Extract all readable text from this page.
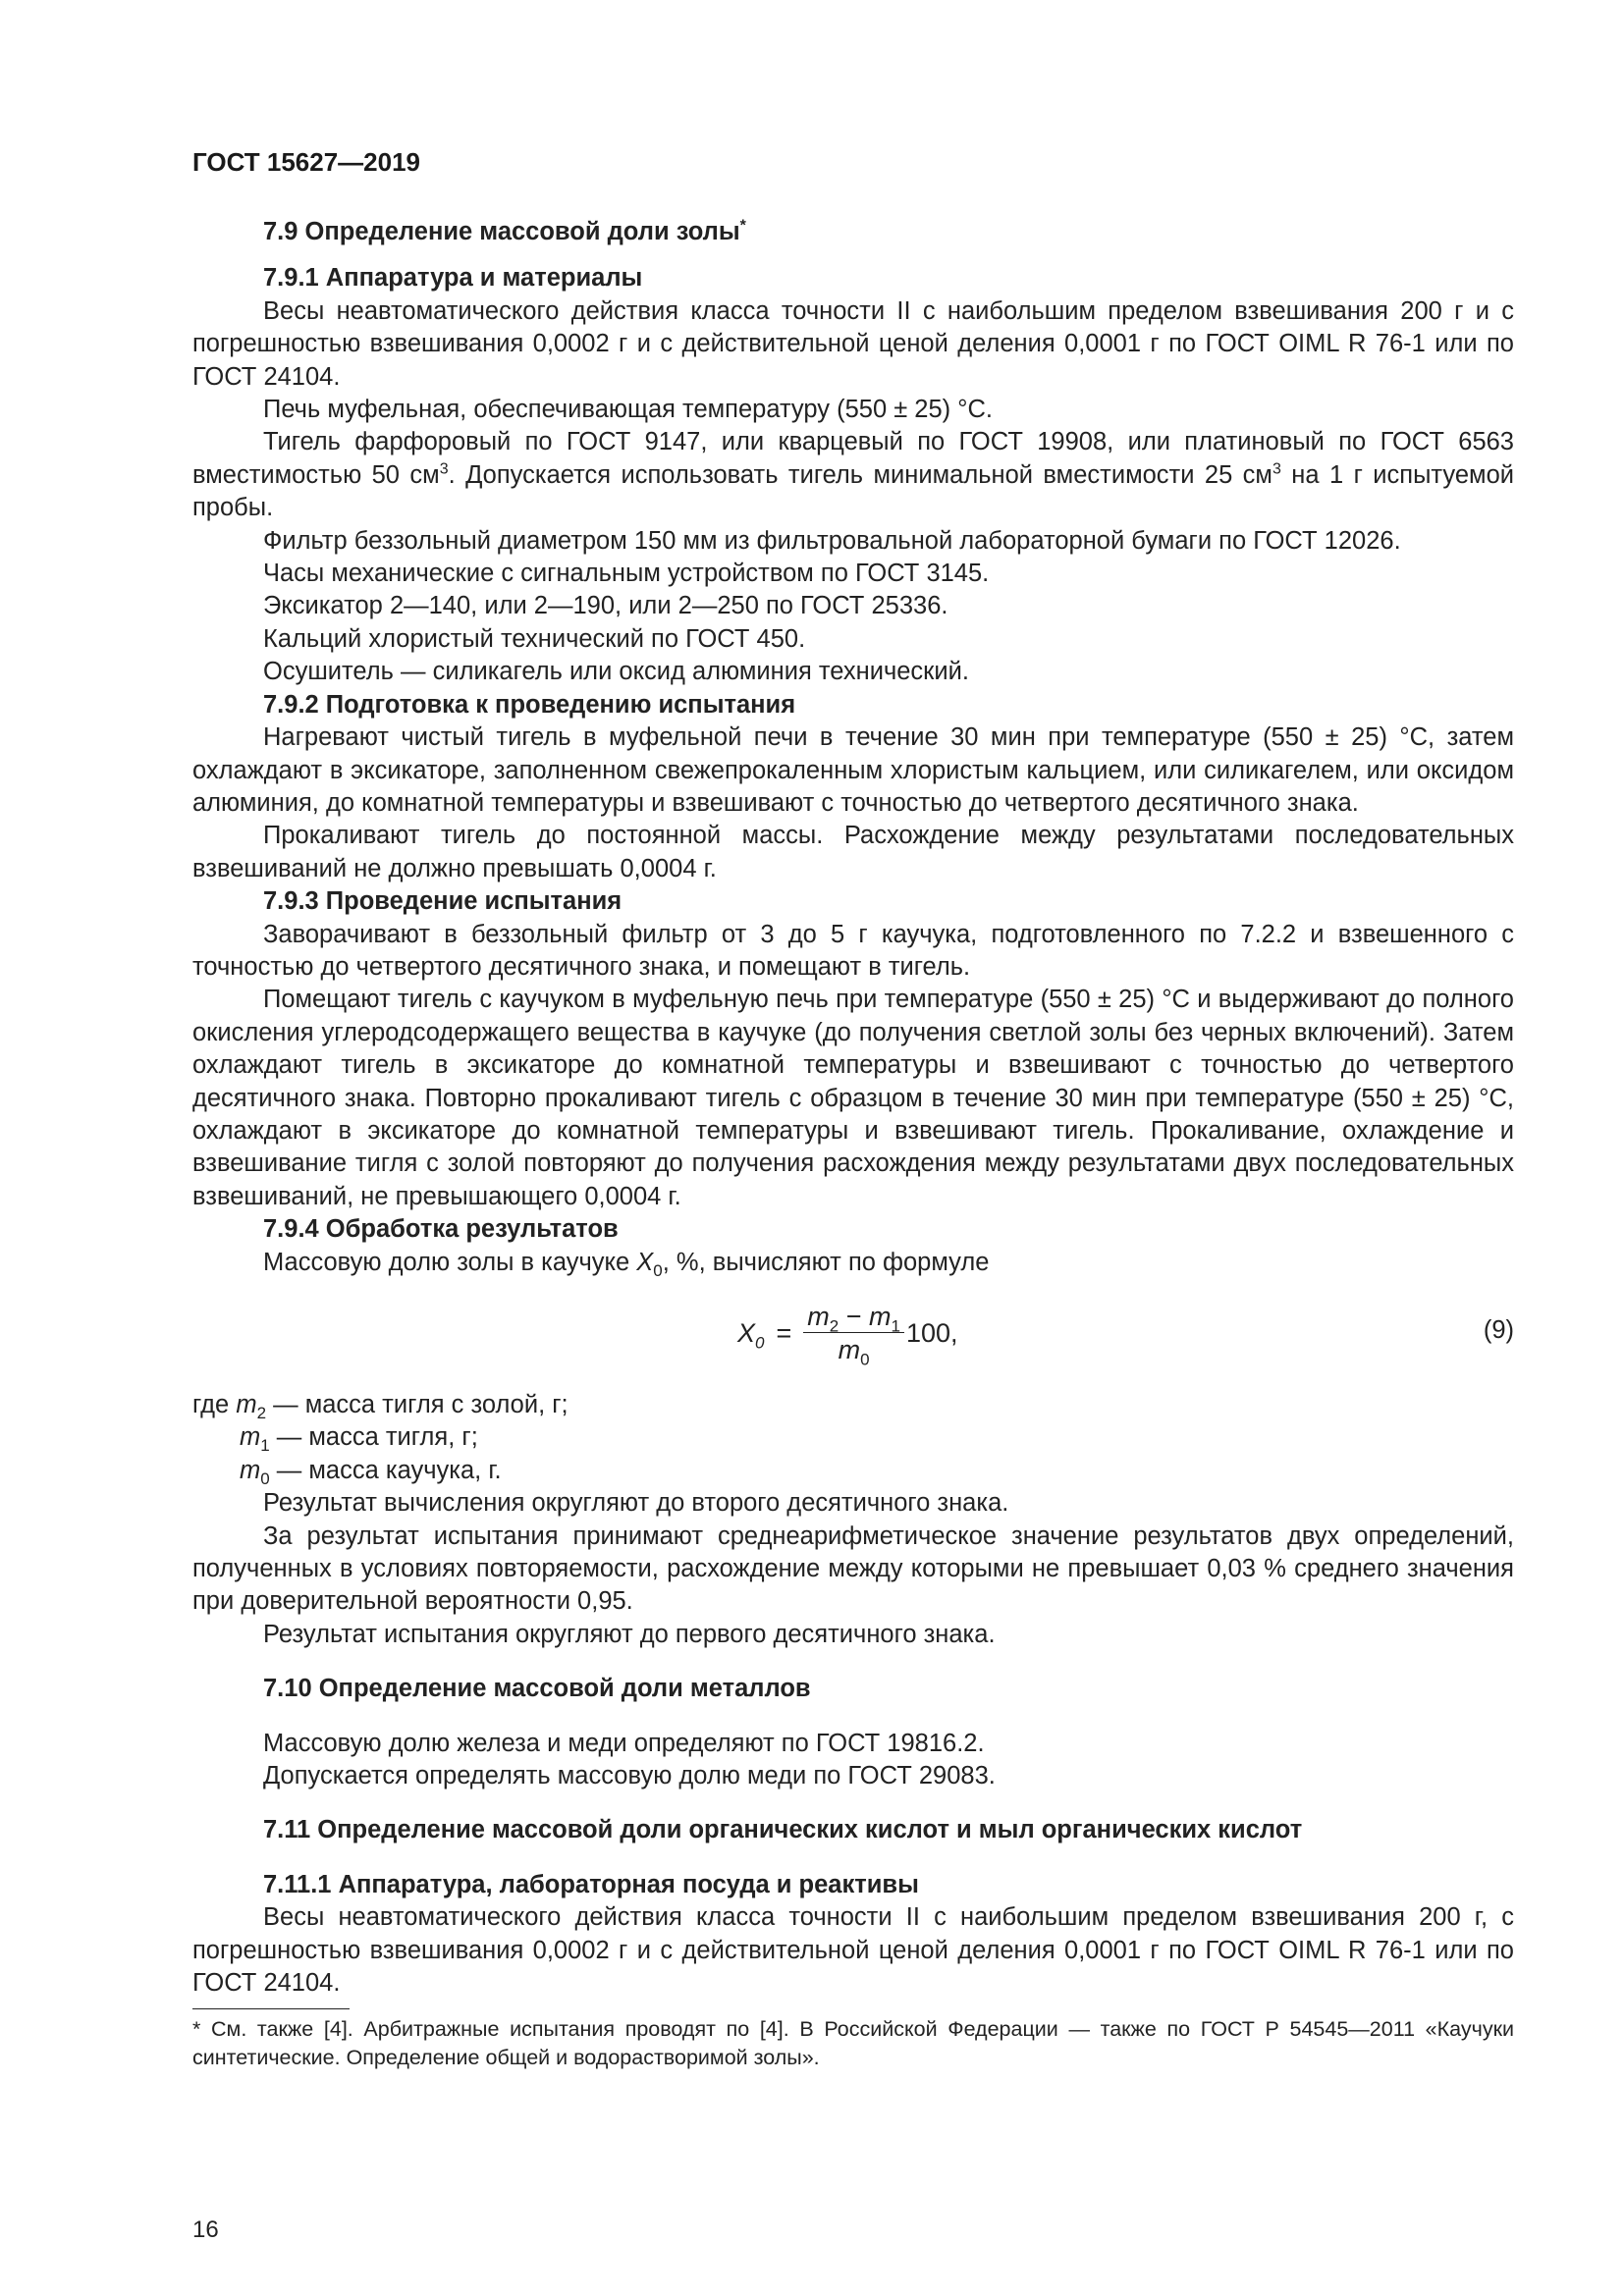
ГОСТ 15627—2019

7.9 Определение массовой доли золы*

7.9.1 Аппаратура и материалы

Весы неавтоматического действия класса точности II с наибольшим пределом взвешивания 200 г и с погрешностью взвешивания 0,0002 г и с действительной ценой деления 0,0001 г по ГОСТ OIML R 76-1 или по ГОСТ 24104.

Печь муфельная, обеспечивающая температуру (550 ± 25) °С.

Тигель фарфоровый по ГОСТ 9147, или кварцевый по ГОСТ 19908, или платиновый по ГОСТ 6563 вместимостью 50 $см^3$. Допускается использовать тигель минимальной вместимости 25 $см^3$ на 1 г испытуемой пробы.

Фильтр беззольный диаметром 150 мм из фильтровальной лабораторной бумаги по ГОСТ 12026.

Часы механические с сигнальным устройством по ГОСТ 3145.

Эксикатор 2—140, или 2—190, или 2—250 по ГОСТ 25336.

Кальций хлористый технический по ГОСТ 450.

Осушитель — силикагель или оксид алюминия технический.

7.9.2 Подготовка к проведению испытания

Нагревают чистый тигель в муфельной печи в течение 30 мин при температуре (550 ± 25) °С, затем охлаждают в эксикаторе, заполненном свежепрокаленным хлористым кальцием, или силикагелем, или оксидом алюминия, до комнатной температуры и взвешивают с точностью до четвертого десятичного знака.

Прокаливают тигель до постоянной массы. Расхождение между результатами последовательных взвешиваний не должно превышать 0,0004 г.

7.9.3 Проведение испытания

Заворачивают в беззольный фильтр от 3 до 5 г каучука, подготовленного по 7.2.2 и взвешенного с точностью до четвертого десятичного знака, и помещают в тигель.

Помещают тигель с каучуком в муфельную печь при температуре (550 ± 25) °С и выдерживают до полного окисления углеродсодержащего вещества в каучуке (до получения светлой золы без черных включений). Затем охлаждают тигель в эксикаторе до комнатной температуры и взвешивают с точностью до четвертого десятичного знака. Повторно прокаливают тигель с образцом в течение 30 мин при температуре (550 ± 25) °С, охлаждают в эксикаторе до комнатной температуры и взвешивают тигель. Прокаливание, охлаждение и взвешивание тигля с золой повторяют до получения расхождения между результатами двух последовательных взвешиваний, не превышающего 0,0004 г.

7.9.4 Обработка результатов

Массовую долю золы в каучуке $X_0$, %, вычисляют по формуле

$X_0 = \frac{m_2 - m_1}{m_0} 100$ ,	(9)

где $m_2$ — масса тигля с золой, г;

$m_1$ — масса тигля, г;

$m_0$ — масса каучука, г.

Результат вычисления округляют до второго десятичного знака.

За результат испытания принимают среднеарифметическое значение результатов двух определений, полученных в условиях повторяемости, расхождение между которыми не превышает 0,03 % среднего значения при доверительной вероятности 0,95.

Результат испытания округляют до первого десятичного знака.

7.10 Определение массовой доли металлов

Массовую долю железа и меди определяют по ГОСТ 19816.2.

Допускается определять массовую долю меди по ГОСТ 29083.

7.11 Определение массовой доли органических кислот и мыл органических кислот

7.11.1 Аппаратура, лабораторная посуда и реактивы

Весы неавтоматического действия класса точности II с наибольшим пределом взвешивания 200 г, с погрешностью взвешивания 0,0002 г и с действительной ценой деления 0,0001 г по ГОСТ OIML R 76-1 или по ГОСТ 24104.

* См. также [4]. Арбитражные испытания проводят по [4]. В Российской Федерации — также по ГОСТ Р 54545—2011 «Каучуки синтетические. Определение общей и водорастворимой золы».

16
